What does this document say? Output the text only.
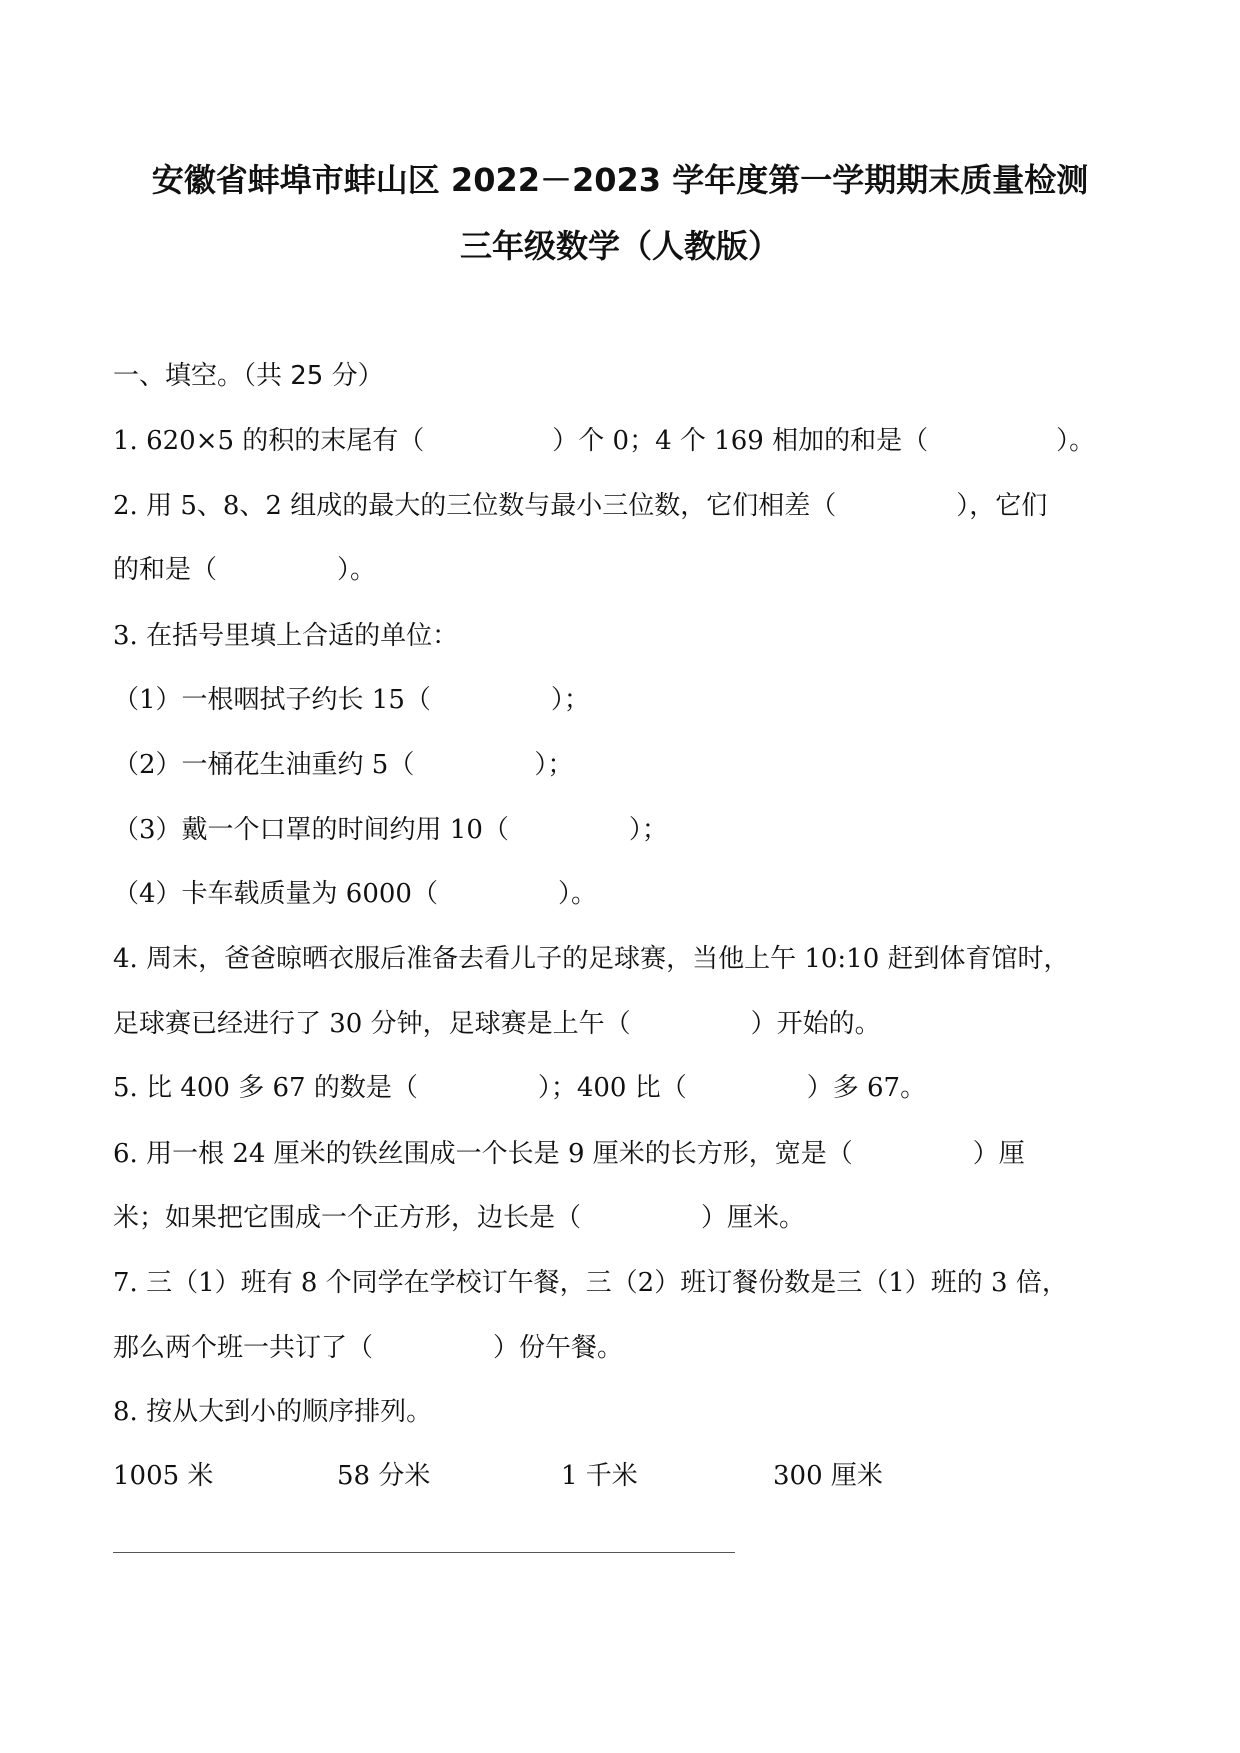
安徽省蚌埠市蚌山区 2022－2023 学年度第一学期期末质量检测
三年级数学（人教版）
一、填空。（共 25 分）
1. 620×5 的积的末尾有（	）个 0；4 个 169 相加的和是（	）。
2. 用 5、8、2 组成的最大的三位数与最小三位数，它们相差（	），它们
的和是（	）。
3. 在括号里填上合适的单位：
（1）一根咽拭子约长 15（	）；
（2）一桶花生油重约 5（	）；
（3）戴一个口罩的时间约用 10（	）；
（4）卡车载质量为 6000（	）。
4. 周末，爸爸晾晒衣服后准备去看儿子的足球赛，当他上午 10:10 赶到体育馆时，
足球赛已经进行了 30 分钟，足球赛是上午（	）开始的。
5. 比 400 多 67 的数是（	）；400 比（	）多 67。
6. 用一根 24 厘米的铁丝围成一个长是 9 厘米的长方形，宽是（	）厘
米；如果把它围成一个正方形，边长是（	）厘米。
7. 三（1）班有 8 个同学在学校订午餐，三（2）班订餐份数是三（1）班的 3 倍，
那么两个班一共订了（	）份午餐。
8. 按从大到小的顺序排列。
1005 米	58 分米	1 千米	300 厘米
